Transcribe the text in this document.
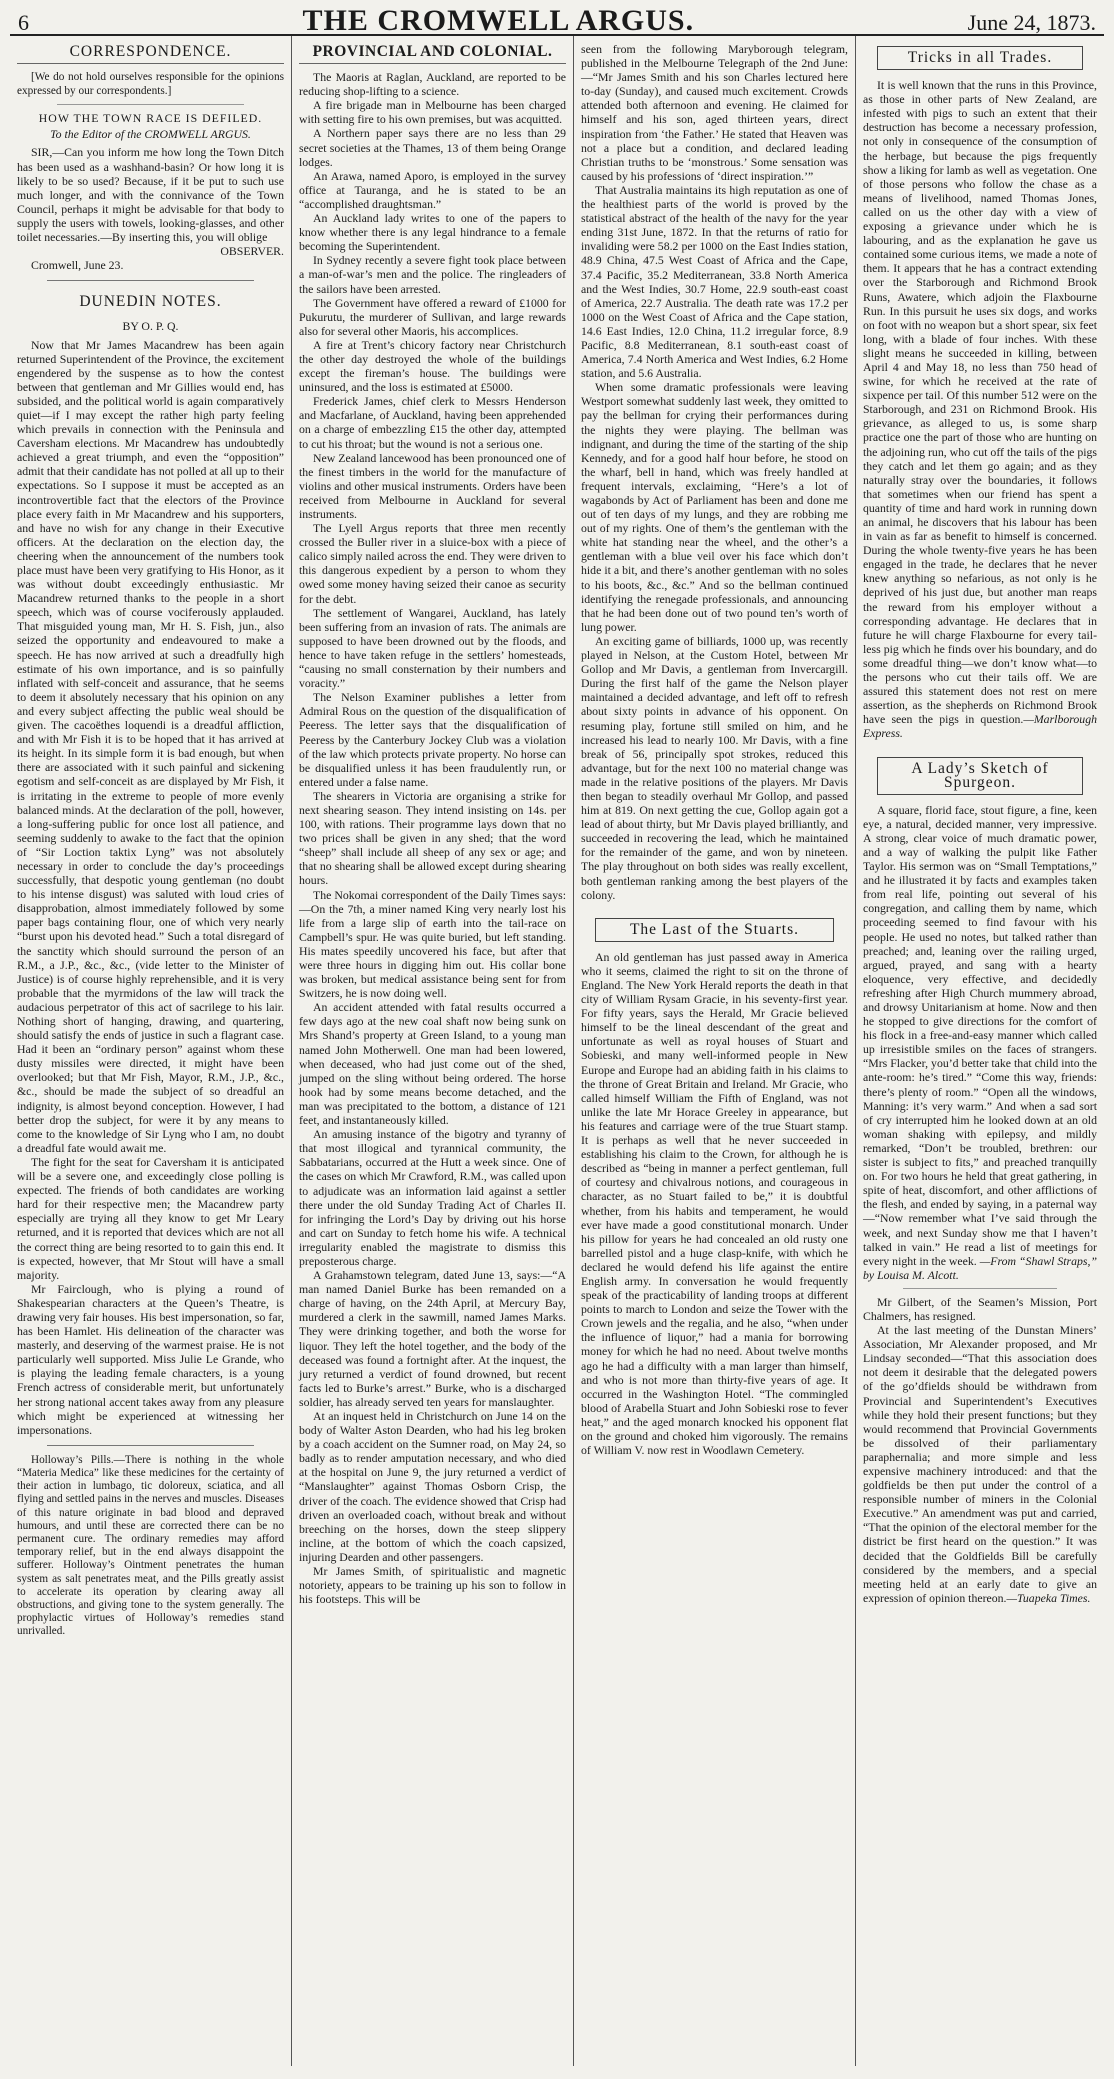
6	THE CROMWELL ARGUS.	June 24, 1873.
CORRESPONDENCE.

[We do not hold ourselves responsible for the opinions expressed by our correspondents.]

HOW THE TOWN RACE IS DEFILED.
To the Editor of the CROMWELL ARGUS.

SIR,—Can you inform me how long the Town Ditch has been used as a washhand-basin? Or how long it is likely to be so used? Because, if it be put to such use much longer, and with the connivance of the Town Council, perhaps it might be advisable for that body to supply the users with towels, looking-glasses, and other toilet necessaries.—By inserting this, you will oblige

OBSERVER.

Cromwell, June 23.

DUNEDIN NOTES.
BY O. P. Q.

Now that Mr James Macandrew has been again returned Superintendent of the Province, the excitement engendered by the suspense as to how the contest between that gentleman and Mr Gillies would end, has subsided, and the political world is again comparatively quiet—if I may except the rather high party feeling which prevails in connection with the Peninsula and Caversham elections. Mr Macandrew has undoubtedly achieved a great triumph, and even the “opposition” admit that their candidate has not polled at all up to their expectations. So I suppose it must be accepted as an incontrovertible fact that the electors of the Province place every faith in Mr Macandrew and his supporters, and have no wish for any change in their Executive officers. At the declaration on the election day, the cheering when the announcement of the numbers took place must have been very gratifying to His Honor, as it was without doubt exceedingly enthusiastic. Mr Macandrew returned thanks to the people in a short speech, which was of course vociferously applauded. That misguided young man, Mr H. S. Fish, jun., also seized the opportunity and endeavoured to make a speech. He has now arrived at such a dreadfully high estimate of his own importance, and is so painfully inflated with self-conceit and assurance, that he seems to deem it absolutely necessary that his opinion on any and every subject affecting the public weal should be given. The cacoëthes loquendi is a dreadful affliction, and with Mr Fish it is to be hoped that it has arrived at its height. In its simple form it is bad enough, but when there are associated with it such painful and sickening egotism and self-conceit as are displayed by Mr Fish, it is irritating in the extreme to people of more evenly balanced minds. At the declaration of the poll, however, a long-suffering public for once lost all patience, and seeming suddenly to awake to the fact that the opinion of “Sir Loction taktix Lyng” was not absolutely necessary in order to conclude the day’s proceedings successfully, that despotic young gentleman (no doubt to his intense disgust) was saluted with loud cries of disapprobation, almost immediately followed by some paper bags containing flour, one of which very nearly “burst upon his devoted head.” Such a total disregard of the sanctity which should surround the person of an R.M., a J.P., &c., &c., (vide letter to the Minister of Justice) is of course highly reprehensible, and it is very probable that the myrmidons of the law will track the audacious perpetrator of this act of sacrilege to his lair. Nothing short of hanging, drawing, and quartering, should satisfy the ends of justice in such a flagrant case. Had it been an “ordinary person” against whom these dusty missiles were directed, it might have been overlooked; but that Mr Fish, Mayor, R.M., J.P., &c., &c., should be made the subject of so dreadful an indignity, is almost beyond conception. However, I had better drop the subject, for were it by any means to come to the knowledge of Sir Lyng who I am, no doubt a dreadful fate would await me.

The fight for the seat for Caversham it is anticipated will be a severe one, and exceedingly close polling is expected. The friends of both candidates are working hard for their respective men; the Macandrew party especially are trying all they know to get Mr Leary returned, and it is reported that devices which are not all the correct thing are being resorted to to gain this end. It is expected, however, that Mr Stout will have a small majority.

Mr Fairclough, who is plying a round of Shakespearian characters at the Queen’s Theatre, is drawing very fair houses. His best impersonation, so far, has been Hamlet. His delineation of the character was masterly, and deserving of the warmest praise. He is not particularly well supported. Miss Julie Le Grande, who is playing the leading female characters, is a young French actress of considerable merit, but unfortunately her strong national accent takes away from any pleasure which might be experienced at witnessing her impersonations.

Holloway’s Pills.—There is nothing in the whole “Materia Medica” like these medicines for the certainty of their action in lumbago, tic doloreux, sciatica, and all flying and settled pains in the nerves and muscles. Diseases of this nature originate in bad blood and depraved humours, and until these are corrected there can be no permanent cure. The ordinary remedies may afford temporary relief, but in the end always disappoint the sufferer. Holloway’s Ointment penetrates the human system as salt penetrates meat, and the Pills greatly assist to accelerate its operation by clearing away all obstructions, and giving tone to the system generally. The prophylactic virtues of Holloway’s remedies stand unrivalled.

PROVINCIAL AND COLONIAL.

The Maoris at Raglan, Auckland, are reported to be reducing shop-lifting to a science.

A fire brigade man in Melbourne has been charged with setting fire to his own premises, but was acquitted.

A Northern paper says there are no less than 29 secret societies at the Thames, 13 of them being Orange lodges.

An Arawa, named Aporo, is employed in the survey office at Tauranga, and he is stated to be an “accomplished draughtsman.”

An Auckland lady writes to one of the papers to know whether there is any legal hindrance to a female becoming the Superintendent.

In Sydney recently a severe fight took place between a man-of-war’s men and the police. The ringleaders of the sailors have been arrested.

The Government have offered a reward of £1000 for Pukurutu, the murderer of Sullivan, and large rewards also for several other Maoris, his accomplices.

A fire at Trent’s chicory factory near Christchurch the other day destroyed the whole of the buildings except the fireman’s house. The buildings were uninsured, and the loss is estimated at £5000.

Frederick James, chief clerk to Messrs Henderson and Macfarlane, of Auckland, having been apprehended on a charge of embezzling £15 the other day, attempted to cut his throat; but the wound is not a serious one.

New Zealand lancewood has been pronounced one of the finest timbers in the world for the manufacture of violins and other musical instruments. Orders have been received from Melbourne in Auckland for several instruments.

The Lyell Argus reports that three men recently crossed the Buller river in a sluice-box with a piece of calico simply nailed across the end. They were driven to this dangerous expedient by a person to whom they owed some money having seized their canoe as security for the debt.

The settlement of Wangarei, Auckland, has lately been suffering from an invasion of rats. The animals are supposed to have been drowned out by the floods, and hence to have taken refuge in the settlers’ homesteads, “causing no small consternation by their numbers and voracity.”

The Nelson Examiner publishes a letter from Admiral Rous on the question of the disqualification of Peeress. The letter says that the disqualification of Peeress by the Canterbury Jockey Club was a violation of the law which protects private property. No horse can be disqualified unless it has been fraudulently run, or entered under a false name.

The shearers in Victoria are organising a strike for next shearing season. They intend insisting on 14s. per 100, with rations. Their programme lays down that no two prices shall be given in any shed; that the word “sheep” shall include all sheep of any sex or age; and that no shearing shall be allowed except during shearing hours.

The Nokomai correspondent of the Daily Times says:—On the 7th, a miner named King very nearly lost his life from a large slip of earth into the tail-race on Campbell’s spur. He was quite buried, but left standing. His mates speedily uncovered his face, but after that were three hours in digging him out. His collar bone was broken, but medical assistance being sent for from Switzers, he is now doing well.

An accident attended with fatal results occurred a few days ago at the new coal shaft now being sunk on Mrs Shand’s property at Green Island, to a young man named John Motherwell. One man had been lowered, when deceased, who had just come out of the shed, jumped on the sling without being ordered. The horse hook had by some means become detached, and the man was precipitated to the bottom, a distance of 121 feet, and instantaneously killed.

An amusing instance of the bigotry and tyranny of that most illogical and tyrannical community, the Sabbatarians, occurred at the Hutt a week since. One of the cases on which Mr Crawford, R.M., was called upon to adjudicate was an information laid against a settler there under the old Sunday Trading Act of Charles II. for infringing the Lord’s Day by driving out his horse and cart on Sunday to fetch home his wife. A technical irregularity enabled the magistrate to dismiss this preposterous charge.

A Grahamstown telegram, dated June 13, says:—“A man named Daniel Burke has been remanded on a charge of having, on the 24th April, at Mercury Bay, murdered a clerk in the sawmill, named James Marks. They were drinking together, and both the worse for liquor. They left the hotel together, and the body of the deceased was found a fortnight after. At the inquest, the jury returned a verdict of found drowned, but recent facts led to Burke’s arrest.” Burke, who is a discharged soldier, has already served ten years for manslaughter.

At an inquest held in Christchurch on June 14 on the body of Walter Aston Dearden, who had his leg broken by a coach accident on the Sumner road, on May 24, so badly as to render amputation necessary, and who died at the hospital on June 9, the jury returned a verdict of “Manslaughter” against Thomas Osborn Crisp, the driver of the coach. The evidence showed that Crisp had driven an overloaded coach, without break and without breeching on the horses, down the steep slippery incline, at the bottom of which the coach capsized, injuring Dearden and other passengers.

Mr James Smith, of spiritualistic and magnetic notoriety, appears to be training up his son to follow in his footsteps. This will be

seen from the following Maryborough telegram, published in the Melbourne Telegraph of the 2nd June:—“Mr James Smith and his son Charles lectured here to-day (Sunday), and caused much excitement. Crowds attended both afternoon and evening. He claimed for himself and his son, aged thirteen years, direct inspiration from ‘the Father.’ He stated that Heaven was not a place but a condition, and declared leading Christian truths to be ‘monstrous.’ Some sensation was caused by his professions of ‘direct inspiration.’”

That Australia maintains its high reputation as one of the healthiest parts of the world is proved by the statistical abstract of the health of the navy for the year ending 31st June, 1872. In that the returns of ratio for invaliding were 58.2 per 1000 on the East Indies station, 48.9 China, 47.5 West Coast of Africa and the Cape, 37.4 Pacific, 35.2 Mediterranean, 33.8 North America and the West Indies, 30.7 Home, 22.9 south-east coast of America, 22.7 Australia. The death rate was 17.2 per 1000 on the West Coast of Africa and the Cape station, 14.6 East Indies, 12.0 China, 11.2 irregular force, 8.9 Pacific, 8.8 Mediterranean, 8.1 south-east coast of America, 7.4 North America and West Indies, 6.2 Home station, and 5.6 Australia.

When some dramatic professionals were leaving Westport somewhat suddenly last week, they omitted to pay the bellman for crying their performances during the nights they were playing. The bellman was indignant, and during the time of the starting of the ship Kennedy, and for a good half hour before, he stood on the wharf, bell in hand, which was freely handled at frequent intervals, exclaiming, “Here’s a lot of wagabonds by Act of Parliament has been and done me out of ten days of my lungs, and they are robbing me out of my rights. One of them’s the gentleman with the white hat standing near the wheel, and the other’s a gentleman with a blue veil over his face which don’t hide it a bit, and there’s another gentleman with no soles to his boots, &c., &c.” And so the bellman continued identifying the renegade professionals, and announcing that he had been done out of two pound ten’s worth of lung power.

An exciting game of billiards, 1000 up, was recently played in Nelson, at the Custom Hotel, between Mr Gollop and Mr Davis, a gentleman from Invercargill. During the first half of the game the Nelson player maintained a decided advantage, and left off to refresh about sixty points in advance of his opponent. On resuming play, fortune still smiled on him, and he increased his lead to nearly 100. Mr Davis, with a fine break of 56, principally spot strokes, reduced this advantage, but for the next 100 no material change was made in the relative positions of the players. Mr Davis then began to steadily overhaul Mr Gollop, and passed him at 819. On next getting the cue, Gollop again got a lead of about thirty, but Mr Davis played brilliantly, and succeeded in recovering the lead, which he maintained for the remainder of the game, and won by nineteen. The play throughout on both sides was really excellent, both gentleman ranking among the best players of the colony.

The Last of the Stuarts.

An old gentleman has just passed away in America who it seems, claimed the right to sit on the throne of England. The New York Herald reports the death in that city of William Rysam Gracie, in his seventy-first year. For fifty years, says the Herald, Mr Gracie believed himself to be the lineal descendant of the great and unfortunate as well as royal houses of Stuart and Sobieski, and many well-informed people in New Europe and Europe had an abiding faith in his claims to the throne of Great Britain and Ireland. Mr Gracie, who called himself William the Fifth of England, was not unlike the late Mr Horace Greeley in appearance, but his features and carriage were of the true Stuart stamp. It is perhaps as well that he never succeeded in establishing his claim to the Crown, for although he is described as “being in manner a perfect gentleman, full of courtesy and chivalrous notions, and courageous in character, as no Stuart failed to be,” it is doubtful whether, from his habits and temperament, he would ever have made a good constitutional monarch. Under his pillow for years he had concealed an old rusty one barrelled pistol and a huge clasp-knife, with which he declared he would defend his life against the entire English army. In conversation he would frequently speak of the practicability of landing troops at different points to march to London and seize the Tower with the Crown jewels and the regalia, and he also, “when under the influence of liquor,” had a mania for borrowing money for which he had no need. About twelve months ago he had a difficulty with a man larger than himself, and who is not more than thirty-five years of age. It occurred in the Washington Hotel. “The commingled blood of Arabella Stuart and John Sobieski rose to fever heat,” and the aged monarch knocked his opponent flat on the ground and choked him vigorously. The remains of William V. now rest in Woodlawn Cemetery.

Tricks in all Trades.

It is well known that the runs in this Province, as those in other parts of New Zealand, are infested with pigs to such an extent that their destruction has become a necessary profession, not only in consequence of the consumption of the herbage, but because the pigs frequently show a liking for lamb as well as vegetation. One of those persons who follow the chase as a means of livelihood, named Thomas Jones, called on us the other day with a view of exposing a grievance under which he is labouring, and as the explanation he gave us contained some curious items, we made a note of them. It appears that he has a contract extending over the Starborough and Richmond Brook Runs, Awatere, which adjoin the Flaxbourne Run. In this pursuit he uses six dogs, and works on foot with no weapon but a short spear, six feet long, with a blade of four inches. With these slight means he succeeded in killing, between April 4 and May 18, no less than 750 head of swine, for which he received at the rate of sixpence per tail. Of this number 512 were on the Starborough, and 231 on Richmond Brook. His grievance, as alleged to us, is some sharp practice one the part of those who are hunting on the adjoining run, who cut off the tails of the pigs they catch and let them go again; and as they naturally stray over the boundaries, it follows that sometimes when our friend has spent a quantity of time and hard work in running down an animal, he discovers that his labour has been in vain as far as benefit to himself is concerned. During the whole twenty-five years he has been engaged in the trade, he declares that he never knew anything so nefarious, as not only is he deprived of his just due, but another man reaps the reward from his employer without a corresponding advantage. He declares that in future he will charge Flaxbourne for every tail-less pig which he finds over his boundary, and do some dreadful thing—we don’t know what—to the persons who cut their tails off. We are assured this statement does not rest on mere assertion, as the shepherds on Richmond Brook have seen the pigs in question.—Marlborough Express.

A Lady’s Sketch of Spurgeon.

A square, florid face, stout figure, a fine, keen eye, a natural, decided manner, very impressive. A strong, clear voice of much dramatic power, and a way of walking the pulpit like Father Taylor. His sermon was on “Small Temptations,” and he illustrated it by facts and examples taken from real life, pointing out several of his congregation, and calling them by name, which proceeding seemed to find favour with his people. He used no notes, but talked rather than preached; and, leaning over the railing urged, argued, prayed, and sang with a hearty eloquence, very effective, and decidedly refreshing after High Church mummery abroad, and drowsy Unitarianism at home. Now and then he stopped to give directions for the comfort of his flock in a free-and-easy manner which called up irresistible smiles on the faces of strangers. “Mrs Flacker, you’d better take that child into the ante-room: he’s tired.” “Come this way, friends: there’s plenty of room.” “Open all the windows, Manning: it’s very warm.” And when a sad sort of cry interrupted him he looked down at an old woman shaking with epilepsy, and mildly remarked, “Don’t be troubled, brethren: our sister is subject to fits,” and preached tranquilly on. For two hours he held that great gathering, in spite of heat, discomfort, and other afflictions of the flesh, and ended by saying, in a paternal way—“Now remember what I’ve said through the week, and next Sunday show me that I haven’t talked in vain.” He read a list of meetings for every night in the week. —From “Shawl Straps,” by Louisa M. Alcott.

Mr Gilbert, of the Seamen’s Mission, Port Chalmers, has resigned.

At the last meeting of the Dunstan Miners’ Association, Mr Alexander proposed, and Mr Lindsay seconded—“That this association does not deem it desirable that the delegated powers of the go’dfields should be withdrawn from Provincial and Superintendent’s Executives while they hold their present functions; but they would recommend that Provincial Governments be dissolved of their parliamentary paraphernalia; and more simple and less expensive machinery introduced: and that the goldfields be then put under the control of a responsible number of miners in the Colonial Executive.” An amendment was put and carried, “That the opinion of the electoral member for the district be first heard on the question.” It was decided that the Goldfields Bill be carefully considered by the members, and a special meeting held at an early date to give an expression of opinion thereon.—Tuapeka Times.
